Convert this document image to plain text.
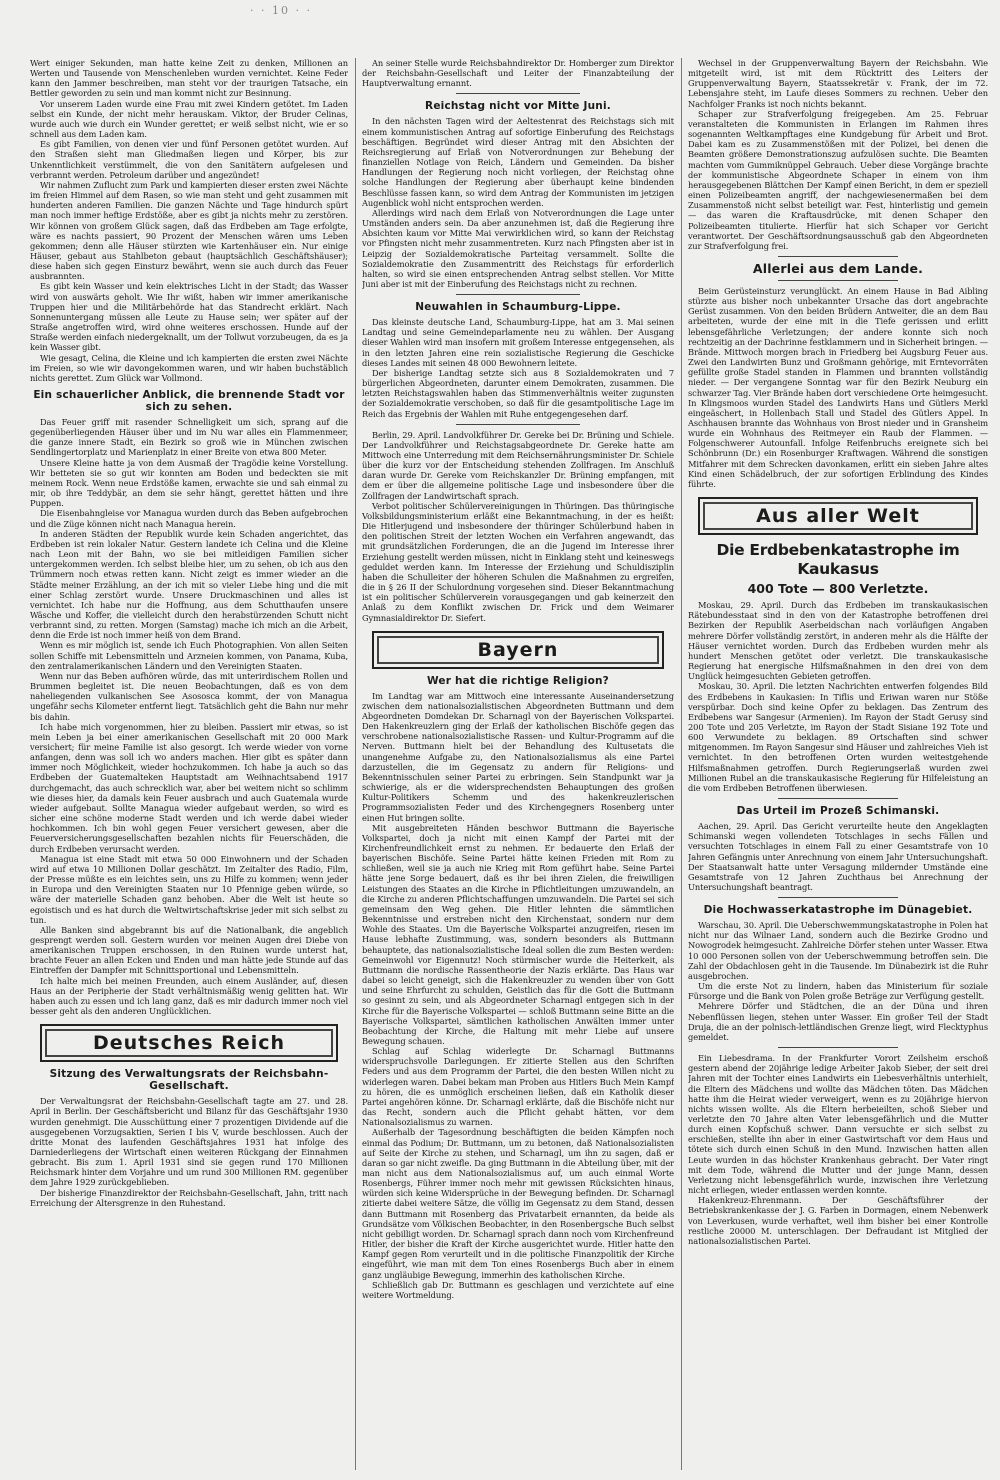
· · 10 · ·

Wert einiger Sekunden, man hatte keine Zeit zu denken, Millionen an Werten und Tausende von Menschenleben wurden vernichtet. Keine Feder kann den Jammer beschreiben, man steht vor der traurigen Tatsache, ein Bettler geworden zu sein und man kommt nicht zur Besinnung.

Vor unserem Laden wurde eine Frau mit zwei Kindern getötet. Im Laden selbst ein Kunde, der nicht mehr herauskam. Viktor, der Bruder Celinas, wurde auch wie durch ein Wunder gerettet; er weiß selbst nicht, wie er so schnell aus dem Laden kam.

Es gibt Familien, von denen vier und fünf Personen getötet wurden. Auf den Straßen sieht man Gliedmaßen liegen und Körper, bis zur Unkenntlichkeit verstümmelt, die von den Sanitätern aufgelesen und verbrannt werden. Petroleum darüber und angezündet!

Wir nahmen Zuflucht zum Park und kampierten dieser ersten zwei Nächte im freien Himmel auf dem Rasen, so wie man steht und geht zusammen mit hunderten anderen Familien. Die ganzen Nächte und Tage hindurch spürt man noch immer heftige Erdstöße, aber es gibt ja nichts mehr zu zerstören. Wir können von großem Glück sagen, daß das Erdbeben am Tage erfolgte, wäre es nachts passiert, 90 Prozent der Menschen wären ums Leben gekommen; denn alle Häuser stürzten wie Kartenhäuser ein. Nur einige Häuser, gebaut aus Stahlbeton gebaut (hauptsächlich Geschäftshäuser); diese haben sich gegen Einsturz bewährt, wenn sie auch durch das Feuer ausbrannten.

Es gibt kein Wasser und kein elektrisches Licht in der Stadt; das Wasser wird von auswärts geholt. Wie Ihr wißt, haben wir immer amerikanische Truppen hier und die Militärbehörde hat das Standrecht erklärt. Nach Sonnenuntergang müssen alle Leute zu Hause sein; wer später auf der Straße angetroffen wird, wird ohne weiteres erschossen. Hunde auf der Straße werden einfach niedergeknallt, um der Tollwut vorzubeugen, da es ja kein Wasser gibt.

Wie gesagt, Celina, die Kleine und ich kampierten die ersten zwei Nächte im Freien, so wie wir davongekommen waren, und wir haben buchstäblich nichts gerettet. Zum Glück war Vollmond.

Ein schauerlicher Anblick, die brennende Stadt vor sich zu sehen.

Das Feuer griff mit rasender Schnelligkeit um sich, sprang auf die gegenüberliegenden Häuser über und im Nu war alles ein Flammenmeer, die ganze innere Stadt, ein Bezirk so groß wie in München zwischen Sendlingertorplatz und Marienplatz in einer Breite von etwa 800 Meter.

Unsere Kleine hatte ja von dem Ausmaß der Tragödie keine Vorstellung. Wir betteten sie so gut wir konnten am Boden und bedeckten sie mit meinem Rock. Wenn neue Erdstöße kamen, erwachte sie und sah einmal zu mir, ob ihre Teddybär, an dem sie sehr hängt, gerettet hätten und ihre Puppen.

Die Eisenbahngleise vor Managua wurden durch das Beben aufgebrochen und die Züge können nicht nach Managua herein.

In anderen Städten der Republik wurde kein Schaden angerichtet, das Erdbeben ist rein lokaler Natur. Gestern landete ich Celina und die Kleine nach Leon mit der Bahn, wo sie bei mitleidigen Familien sicher untergekommen werden. Ich selbst bleibe hier, um zu sehen, ob ich aus den Trümmern noch etwas retten kann. Nicht zeigt es immer wieder an die Städte meiner Erzählung, an der ich mit so vieler Liebe hing und die mit einer Schlag zerstört wurde. Unsere Druckmaschinen und alles ist vernichtet. Ich habe nur die Hoffnung, aus dem Schutthaufen unsere Wäsche und Koffer, die vielleicht durch den herabstürzenden Schutt nicht verbrannt sind, zu retten. Morgen (Samstag) mache ich mich an die Arbeit, denn die Erde ist noch immer heiß von dem Brand.

Wenn es mir möglich ist, sende ich Euch Photographien. Von allen Seiten sollen Schiffe mit Lebensmitteln und Arzneien kommen, von Panama, Kuba, den zentralamerikanischen Ländern und den Vereinigten Staaten.

Wenn nur das Beben aufhören würde, das mit unterirdischem Rollen und Brummen begleitet ist. Die neuen Beobachtungen, daß es von dem naheliegenden vulkanischen See Asososca kommt, der von Managua ungefähr sechs Kilometer entfernt liegt. Tatsächlich geht die Bahn nur mehr bis dahin.

Ich habe mich vorgenommen, hier zu bleiben. Passiert mir etwas, so ist mein Leben ja bei einer amerikanischen Gesellschaft mit 20 000 Mark versichert; für meine Familie ist also gesorgt. Ich werde wieder von vorne anfangen, denn was soll ich wo anders machen. Hier gibt es später dann immer noch Möglichkeit, wieder hochzukommen. Ich habe ja auch so das Erdbeben der Guatemalteken Hauptstadt am Weihnachtsabend 1917 durchgemacht, das auch schrecklich war, aber bei weitem nicht so schlimm wie dieses hier, da damals kein Feuer ausbrach und auch Guatemala wurde wieder aufgebaut. Sollte Managua wieder aufgebaut werden, so wird es sicher eine schöne moderne Stadt werden und ich werde dabei wieder hochkommen. Ich bin wohl gegen Feuer versichert gewesen, aber die Feuerversicherungsgesellschaften bezahlen nichts für Feuerschäden, die durch Erdbeben verursacht werden.

Managua ist eine Stadt mit etwa 50 000 Einwohnern und der Schaden wird auf etwa 10 Millionen Dollar geschätzt. Im Zeitalter des Radio, Film, der Presse müßte es ein leichtes sein, uns zu Hilfe zu kommen; wenn jeder in Europa und den Vereinigten Staaten nur 10 Pfennige geben würde, so wäre der materielle Schaden ganz behoben. Aber die Welt ist heute so egoistisch und es hat durch die Weltwirtschaftskrise jeder mit sich selbst zu tun.

Alle Banken sind abgebrannt bis auf die Nationalbank, die angeblich gesprengt werden soll. Gestern wurden vor meinen Augen drei Diebe von amerikanischen Truppen erschossen, in den Ruinen wurde unterst hat, brachte Feuer an allen Ecken und Enden und man hätte jede Stunde auf das Eintreffen der Dampfer mit Schnittsportional und Lebensmitteln.

Ich halte mich bei meinen Freunden, auch einem Ausländer, auf, diesen Haus an der Peripherie der Stadt verhältnismäßig wenig gelitten hat. Wir haben auch zu essen und ich lang ganz, daß es mir dadurch immer noch viel besser geht als den anderen Unglücklichen.

Deutsches Reich
Sitzung des Verwaltungsrats der Reichsbahn-Gesellschaft.

Der Verwaltungsrat der Reichsbahn-Gesellschaft tagte am 27. und 28. April in Berlin. Der Geschäftsbericht und Bilanz für das Geschäftsjahr 1930 wurden genehmigt. Die Ausschüttung einer 7 prozentigen Dividende auf die ausgegebenen Vorzugsaktien, Serien I bis V, wurde beschlossen. Auch der dritte Monat des laufenden Geschäftsjahres 1931 hat infolge des Darniederliegens der Wirtschaft einen weiteren Rückgang der Einnahmen gebracht. Bis zum 1. April 1931 sind sie gegen rund 170 Millionen Reichsmark hinter dem Vorjahre und um rund 300 Millionen RM. gegenüber dem Jahre 1929 zurückgeblieben.

Der bisherige Finanzdirektor der Reichsbahn-Gesellschaft, Jahn, tritt nach Erreichung der Altersgrenze in den Ruhestand.

An seiner Stelle wurde Reichsbahndirektor Dr. Homberger zum Direktor der Reichsbahn-Gesellschaft und Leiter der Finanzabteilung der Hauptverwaltung ernannt.

Reichstag nicht vor Mitte Juni.

In den nächsten Tagen wird der Aeltestenrat des Reichstags sich mit einem kommunistischen Antrag auf sofortige Einberufung des Reichstags beschäftigen. Begründet wird dieser Antrag mit den Absichten der Reichsregierung auf Erlaß von Notverordnungen zur Behebung der finanziellen Notlage von Reich, Ländern und Gemeinden. Da bisher Handlungen der Regierung noch nicht vorliegen, der Reichstag ohne solche Handlungen der Regierung aber überhaupt keine bindenden Beschlüsse fassen kann, so wird dem Antrag der Kommunisten im jetzigen Augenblick wohl nicht entsprochen werden.

Allerdings wird nach dem Erlaß von Notverordnungen die Lage unter Umständen anders sein. Da aber anzunehmen ist, daß die Regierung ihre Absichten kaum vor Mitte Mai verwirklichen wird, so kann der Reichstag vor Pfingsten nicht mehr zusammentreten. Kurz nach Pfingsten aber ist in Leipzig der Sozialdemokratische Parteitag versammelt. Sollte die Sozialdemokratie den Zusammentritt des Reichstags für erforderlich halten, so wird sie einen entsprechenden Antrag selbst stellen. Vor Mitte Juni aber ist mit der Einberufung des Reichstags nicht zu rechnen.

Neuwahlen in Schaumburg-Lippe.

Das kleinste deutsche Land, Schaumburg-Lippe, hat am 3. Mai seinen Landtag und seine Gemeindeparlamente neu zu wählen. Der Ausgang dieser Wahlen wird man insofern mit großem Interesse entgegensehen, als in den letzten Jahren eine rein sozialistische Regierung die Geschicke dieses Landes mit seinen 48 000 Bewohnern leitete.

Der bisherige Landtag setzte sich aus 8 Sozialdemokraten und 7 bürgerlichen Abgeordneten, darunter einem Demokraten, zusammen. Die letzten Reichstagswahlen haben das Stimmenverhältnis weiter zugunsten der Sozialdemokratie verschoben, so daß für die gesamtpolitische Lage im Reich das Ergebnis der Wahlen mit Ruhe entgegengesehen darf.

Berlin, 29. April. Landvolkführer Dr. Gereke bei Dr. Brüning und Schiele. Der Landvolkführer und Reichstagsabgeordnete Dr. Gereke hatte am Mittwoch eine Unterredung mit dem Reichsernährungsminister Dr. Schiele über die kurz vor der Entscheidung stehenden Zollfragen. Im Anschluß daran wurde Dr. Gereke vom Reichskanzler Dr. Brüning empfangen, mit dem er über die allgemeine politische Lage und insbesondere über die Zollfragen der Landwirtschaft sprach.

Verbot politischer Schülervereinigungen in Thüringen. Das thüringische Volksbildungsministerium erläßt eine Bekanntmachung, in der es heißt: Die Hitlerjugend und insbesondere der thüringer Schülerbund haben in den politischen Streit der letzten Wochen ein Verfahren angewandt, das mit grundsätzlichen Forderungen, die an die Jugend im Interesse ihrer Erziehung gestellt werden müssen, nicht in Einklang steht und keineswegs geduldet werden kann. Im Interesse der Erziehung und Schuldisziplin haben die Schulleiter der höheren Schulen die Maßnahmen zu ergreifen, die in § 26 II der Schulordnung vorgesehen sind. Dieser Bekanntmachung ist ein politischer Schülerverein vorausgegangen und gab keinerzeit den Anlaß zu dem Konflikt zwischen Dr. Frick und dem Weimarer Gymnasialdirektor Dr. Siefert.

Bayern
Wer hat die richtige Religion?

Im Landtag war am Mittwoch eine interessante Auseinandersetzung zwischen dem nationalsozialistischen Abgeordneten Buttmann und dem Abgeordneten Domdekan Dr. Scharnagl von der Bayerischen Volkspartei. Den Hakenkreuzlern ging der Erlaß der katholischen Bischöfe gegen das verschrobene nationalsozialistische Rassen- und Kultur-Programm auf die Nerven. Buttmann hielt bei der Behandlung des Kultusetats die unangenehme Aufgabe zu, den Nationalsozialismus als eine Partei darzustellen, die im Gegensatz zu andern für Religions- und Bekenntnisschulen seiner Partei zu erbringen. Sein Standpunkt war ja schwierige, als er die widersprechendsten Behauptungen des großen Kultur-Politikers Schemm und des hakenkreuzlerischen Programmsozialisten Feder und des Kirchengegners Rosenberg unter einen Hut bringen sollte.

Mit ausgebreiteten Händen beschwor Buttmann die Bayerische Volkspartei, doch ja nicht mit einen Kampf der Partei mit der Kirchenfreundlichkeit ernst zu nehmen. Er bedauerte den Erlaß der bayerischen Bischöfe. Seine Partei hätte keinen Frieden mit Rom zu schließen, weil sie ja auch nie Krieg mit Rom geführt habe. Seine Partei hätte jene Sorge bedauert, daß es ihr bei ihren Zielen, die freiwilligen Leistungen des Staates an die Kirche in Pflichtleitungen umzuwandeln, an die Kirche zu anderen Pflichtschaffungen umzuwandeln. Die Partei sei sich gemeinsam den Weg gehen. Die Hitler lehnten die sämmtlichen Bekenntnisse und erstreben nicht den Kirchenstaat, sondern nur dem Wohle des Staates. Um die Bayerische Volkspartei anzugreifen, riesen im Hause lebhafte Zustimmung, was, sondern besonders als Buttmann behauptete, das nationalsozialistische Ideal sollen die zum Besten werden: Gemeinwohl vor Eigennutz! Noch stürmischer wurde die Heiterkeit, als Buttmann die nordische Rassentheorie der Nazis erklärte. Das Haus war dabei so leicht geneigt, sich die Hakenkreuzler zu wenden über von Gott und seine Ehrfurcht zu schulden, Geistlich das für die Gott die Buttmann so gesinnt zu sein, und als Abgeordneter Scharnagl entgegen sich in der Kirche für die Bayerische Volkspartei — schloß Buttmann seine Bitte an die Bayerische Volkspartei, sämtlichen katholischen Anwälten immer unter Beobachtung der Kirche, die Haltung mit mehr Liebe auf unsere Bewegung schauen.

Schlag auf Schlag widerlegte Dr. Scharnagl Buttmanns widerspruchsvolle Darlegungen. Er zitierte Stellen aus den Schriften Feders und aus dem Programm der Partei, die den besten Willen nicht zu widerlegen waren. Dabei bekam man Proben aus Hitlers Buch Mein Kampf zu hören, die es unmöglich erscheinen ließen, daß ein Katholik dieser Partei angehören könne. Dr. Scharnagl erklärte, daß die Bischöfe nicht nur das Recht, sondern auch die Pflicht gehabt hätten, vor dem Nationalsozialismus zu warnen.

Außerhalb der Tagesordnung beschäftigten die beiden Kämpfen noch einmal das Podium; Dr. Buttmann, um zu betonen, daß Nationalsozialisten auf Seite der Kirche zu stehen, und Scharnagl, um ihn zu sagen, daß er daran so gar nicht zweifle. Da ging Buttmann in die Abteilung über, mit der man nicht aus dem Nationalsozialismus auf, um auch einmal Worte Rosenbergs, Führer immer noch mehr mit gewissen Rücksichten hinaus, würden sich keine Widersprüche in der Bewegung befinden. Dr. Scharnagl zitierte dabei weitere Sätze, die völlig im Gegensatz zu dem Stand, dessen dann Buttmann mit Rosenberg das Privatarbeit ernannten, da beide als Grundsätze vom Völkischen Beobachter, in den Rosenbergsche Buch selbst nicht gebilligt worden. Dr. Scharnagl sprach dann noch vom Kirchenfreund Hitler, der bisher die Kraft der Kirche ausgerichtet wurde. Hitler hatte den Kampf gegen Rom verurteilt und in die politische Finanzpolitik der Kirche eingeführt, wie man mit dem Ton eines Rosenbergs Buch aber in einem ganz ungläubige Bewegung, immerhin des katholischen Kirche.

Schließlich gab Dr. Buttmann es geschlagen und verzichtete auf eine weitere Wortmeldung.

Wechsel in der Gruppenverwaltung Bayern der Reichsbahn. Wie mitgeteilt wird, ist mit dem Rücktritt des Leiters der Gruppenverwaltung Bayern, Staatssekretär v. Frank, der im 72. Lebensjahre steht, im Laufe dieses Sommers zu rechnen. Ueber den Nachfolger Franks ist noch nichts bekannt.

Schaper zur Strafverfolgung freigegeben. Am 25. Februar veranstalteten die Kommunisten in Erlangen im Rahmen ihres sogenannten Weltkampftages eine Kundgebung für Arbeit und Brot. Dabei kam es zu Zusammenstößen mit der Polizei, bei denen die Beamten größere Demonstrationszug aufzulösen suchte. Die Beamten machten vom Gummiknüppel Gebrauch. Ueber diese Vorgänge brachte der kommunistische Abgeordnete Schaper in einem von ihm herausgegebenen Blättchen Der Kampf einen Bericht, in dem er speziell einen Polizeibeamten angriff, der nachgewiesenermaßen bei dem Zusammenstoß nicht selbst beteiligt war. Fest, hinterlistig und gemein — das waren die Kraftausdrücke, mit denen Schaper den Polizeibeamten titulierte. Hierfür hat sich Schaper vor Gericht verantwortet. Der Geschäftsordnungsausschuß gab den Abgeordneten zur Strafverfolgung frei.

Allerlei aus dem Lande.

Beim Gerüsteinsturz verunglückt. An einem Hause in Bad Aibling stürzte aus bisher noch unbekannter Ursache das dort angebrachte Gerüst zusammen. Von den beiden Brüdern Antweiter, die an dem Bau arbeiteten, wurde der eine mit in die Tiefe gerissen und erlitt lebensgefährliche Verletzungen; der andere konnte sich noch rechtzeitig an der Dachrinne festklammern und in Sicherheit bringen. — Brände. Mittwoch morgen brach in Friedberg bei Augsburg Feuer aus. Zwei den Landwirten Bunz und Großmann gehörige, mit Erntevorräten gefüllte große Stadel standen in Flammen und brannten vollständig nieder. — Der vergangene Sonntag war für den Bezirk Neuburg ein schwarzer Tag. Vier Brände haben dort verschiedene Orte heimgesucht. In Klingsmoos wurden Stadel des Landwirts Hans und Gütlers Merkl eingeäschert, in Hollenbach Stall und Stadel des Gütlers Appel. In Aschhausen brannte das Wohnhaus von Brost nieder und in Gransheim wurde ein Wohnhaus des Reitmeyer ein Raub der Flammen. — Folgenschwerer Autounfall. Infolge Reifenbruchs ereignete sich bei Schönbrunn (Dr.) ein Rosenburger Kraftwagen. Während die sonstigen Mitfahrer mit dem Schrecken davonkamen, erlitt ein sieben Jahre altes Kind einen Schädelbruch, der zur sofortigen Erblindung des Kindes führte.

Aus aller Welt
Die Erdbebenkatastrophe im Kaukasus
400 Tote — 800 Verletzte.

Moskau, 29. April. Durch das Erdbeben im transkaukasischen Rätebundesstaat sind in den von der Katastrophe betroffenen drei Bezirken der Republik Aserbeidschan nach vorläufigen Angaben mehrere Dörfer vollständig zerstört, in anderen mehr als die Hälfte der Häuser vernichtet worden. Durch das Erdbeben wurden mehr als hundert Menschen getötet oder verletzt. Die transkaukasische Regierung hat energische Hilfsmaßnahmen in den drei von dem Unglück heimgesuchten Gebieten getroffen.

Moskau, 30. April. Die letzten Nachrichten entwerfen folgendes Bild des Erdbebens in Kaukasien: In Tiflis und Eriwan waren nur Stöße verspürbar. Doch sind keine Opfer zu beklagen. Das Zentrum des Erdbebens war Sangesur (Armenien). Im Rayon der Stadt Gerusy sind 200 Tote und 205 Verletzte, im Rayon der Stadt Sisiane 192 Tote und 600 Verwundete zu beklagen. 89 Ortschaften sind schwer mitgenommen. Im Rayon Sangesur sind Häuser und zahlreiches Vieh ist vernichtet. In den betroffenen Orten wurden weitestgehende Hilfsmaßnahmen getroffen. Durch Regierungserlaß wurden zwei Millionen Rubel an die transkaukasische Regierung für Hilfeleistung an die vom Erdbeben Betroffenen überwiesen.

Das Urteil im Prozeß Schimanski.

Aachen, 29. April. Das Gericht verurteilte heute den Angeklagten Schimanski wegen vollendeten Totschlages in sechs Fällen und versuchten Totschlages in einem Fall zu einer Gesamtstrafe von 10 Jahren Gefängnis unter Anrechnung von einem Jahr Untersuchungshaft. Der Staatsanwalt hatte unter Versagung mildernder Umstände eine Gesamtstrafe von 12 Jahren Zuchthaus bei Anrechnung der Untersuchungshaft beantragt.

Die Hochwasserkatastrophe im Dünagebiet.

Warschau, 30. April. Die Ueberschwemmungskatastrophe in Polen hat nicht nur das Wilnaer Land, sondern auch die Bezirke Grodno und Nowogrodek heimgesucht. Zahlreiche Dörfer stehen unter Wasser. Etwa 10 000 Personen sollen von der Ueberschwemmung betroffen sein. Die Zahl der Obdachlosen geht in die Tausende. Im Dünabezirk ist die Ruhr ausgebrochen.

Um die erste Not zu lindern, haben das Ministerium für soziale Fürsorge und die Bank von Polen große Beträge zur Verfügung gestellt.

Mehrere Dörfer und Städtchen, die an der Düna und ihren Nebenflüssen liegen, stehen unter Wasser. Ein großer Teil der Stadt Druja, die an der polnisch-lettländischen Grenze liegt, wird Flecktyphus gemeldet.

Ein Liebesdrama. In der Frankfurter Vorort Zeilsheim erschoß gestern abend der 20jährige ledige Arbeiter Jakob Sieber, der seit drei Jahren mit der Tochter eines Landwirts ein Liebesverhältnis unterhielt, die Eltern des Mädchens und wollte das Mädchen töten. Das Mädchen hatte ihm die Heirat wieder verweigert, wenn es zu 20jährige hiervon nichts wissen wollte. Als die Eltern herbeieilten, schoß Sieber und verletzte den 70 Jahre alten Vater lebensgefährlich und die Mutter durch einen Kopfschuß schwer. Dann versuchte er sich selbst zu erschießen, stellte ihn aber in einer Gastwirtschaft vor dem Haus und tötete sich durch einen Schuß in den Mund. Inzwischen hatten allen Leute wurden in das höchster Krankenhaus gebracht. Der Vater ringt mit dem Tode, während die Mutter und der junge Mann, dessen Verletzung nicht lebensgefährlich wurde, inzwischen ihre Verletzung nicht erliegen, wieder entlassen werden konnte.

Hakenkreuz-Ehrenmann. Der Geschäftsführer der Betriebskrankenkasse der J. G. Farben in Dormagen, einem Nebenwerk von Leverkusen, wurde verhaftet, weil ihm bisher bei einer Kontrolle restliche 20000 M. unterschlagen. Der Defraudant ist Mitglied der nationalsozialistischen Partei.
